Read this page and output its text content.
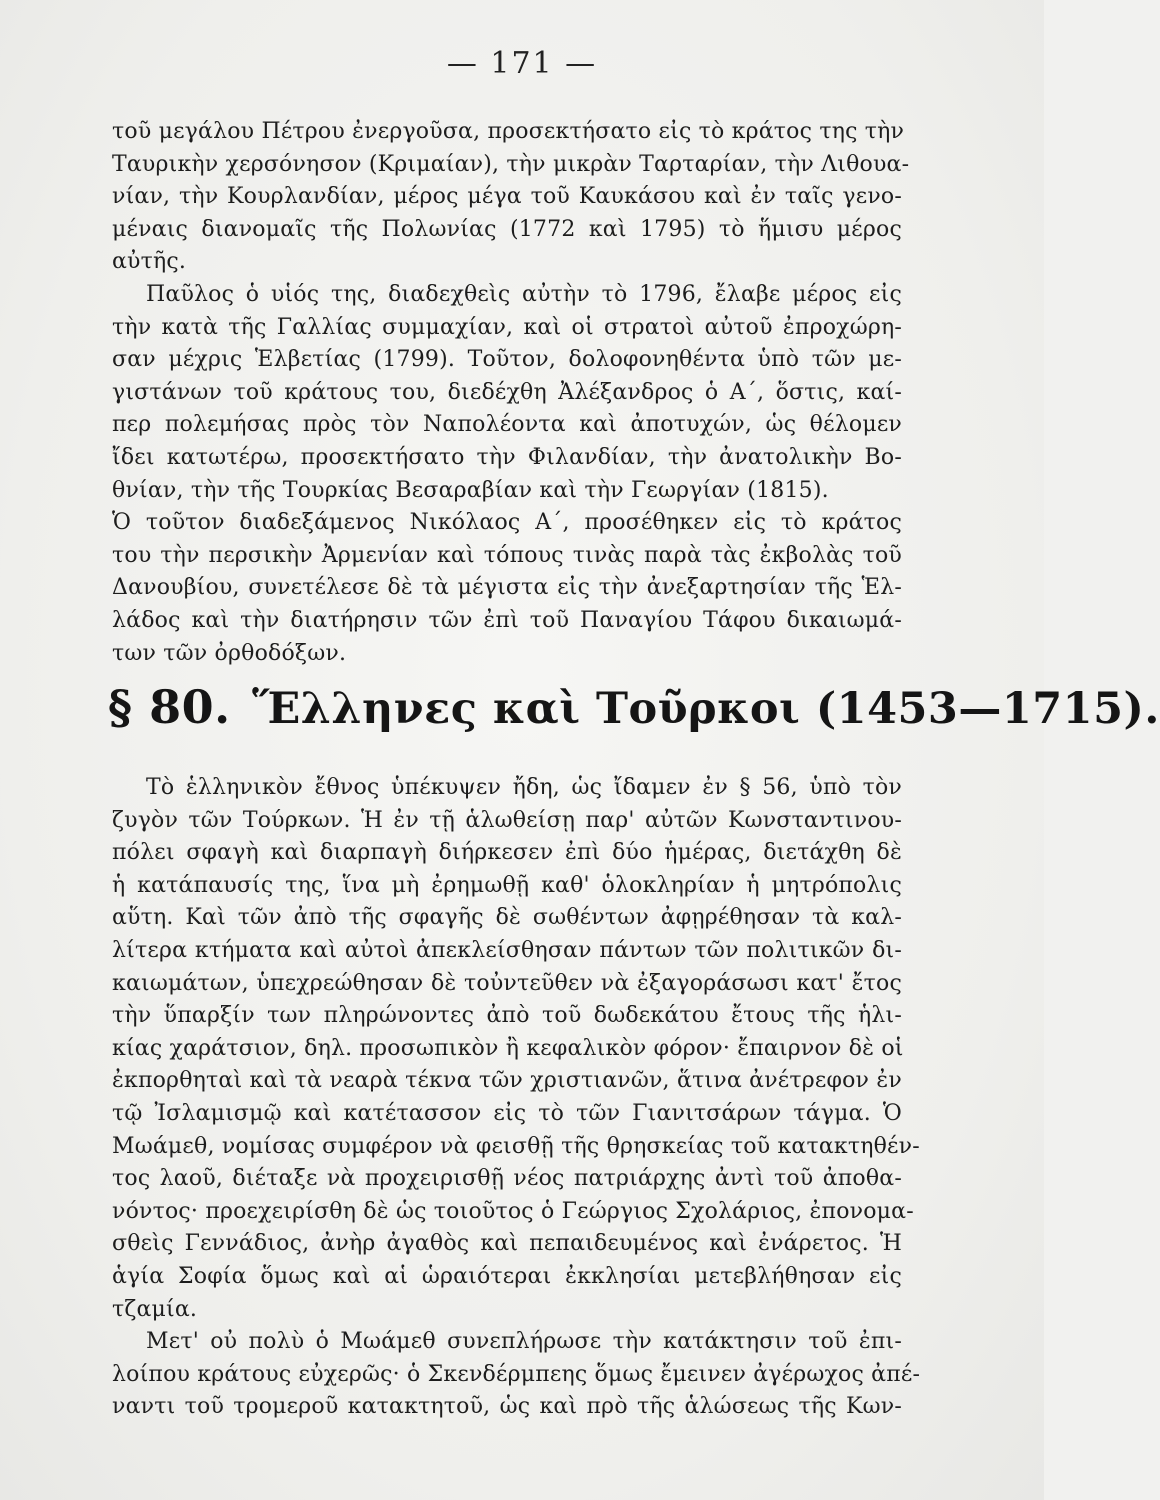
— 171 —
τοῦ μεγάλου Πέτρου ἐνεργοῦσα, προσεκτήσατο εἰς τὸ κράτος της τὴν
Ταυρικὴν χερσόνησον (Κριμαίαν), τὴν μικρὰν Ταρταρίαν, τὴν Λιθουα-
νίαν, τὴν Κουρλανδίαν, μέρος μέγα τοῦ Καυκάσου καὶ ἐν ταῖς γενο-
μέναις διανομαῖς τῆς Πολωνίας (1772 καὶ 1795) τὸ ἥμισυ μέρος
αὐτῆς.
Παῦλος ὁ υἱός της, διαδεχθεὶς αὐτὴν τὸ 1796, ἔλαβε μέρος εἰς
τὴν κατὰ τῆς Γαλλίας συμμαχίαν, καὶ οἱ στρατοὶ αὐτοῦ ἐπροχώρη-
σαν μέχρις Ἑλβετίας (1799). Τοῦτον, δολοφονηθέντα ὑπὸ τῶν με-
γιστάνων τοῦ κράτους του, διεδέχθη Ἀλέξανδρος ὁ Α΄, ὅστις, καί-
περ πολεμήσας πρὸς τὸν Ναπολέοντα καὶ ἀποτυχών, ὡς θέλομεν
ἴδει κατωτέρω, προσεκτήσατο τὴν Φιλανδίαν, τὴν ἀνατολικὴν Βο-
θνίαν, τὴν τῆς Τουρκίας Βεσαραβίαν καὶ τὴν Γεωργίαν (1815).
Ὁ τοῦτον διαδεξάμενος Νικόλαος Α΄, προσέθηκεν εἰς τὸ κράτος
του τὴν περσικὴν Ἀρμενίαν καὶ τόπους τινὰς παρὰ τὰς ἐκβολὰς τοῦ
Δανουβίου, συνετέλεσε δὲ τὰ μέγιστα εἰς τὴν ἀνεξαρτησίαν τῆς Ἑλ-
λάδος καὶ τὴν διατήρησιν τῶν ἐπὶ τοῦ Παναγίου Τάφου δικαιωμά-
των τῶν ὀρθοδόξων.
§ 80. Ἕλληνες καὶ Τοῦρκοι (1453—1715).
Τὸ ἑλληνικὸν ἔθνος ὑπέκυψεν ἤδη, ὡς ἴδαμεν ἐν § 56, ὑπὸ τὸν
ζυγὸν τῶν Τούρκων. Ἡ ἐν τῇ ἁλωθείσῃ παρ' αὐτῶν Κωνσταντινου-
πόλει σφαγὴ καὶ διαρπαγὴ διήρκεσεν ἐπὶ δύο ἡμέρας, διετάχθη δὲ
ἡ κατάπαυσίς της, ἵνα μὴ ἐρημωθῇ καθ' ὁλοκληρίαν ἡ μητρόπολις
αὕτη. Καὶ τῶν ἀπὸ τῆς σφαγῆς δὲ σωθέντων ἀφῃρέθησαν τὰ καλ-
λίτερα κτήματα καὶ αὐτοὶ ἀπεκλείσθησαν πάντων τῶν πολιτικῶν δι-
καιωμάτων, ὑπεχρεώθησαν δὲ τοὐντεῦθεν νὰ ἐξαγοράσωσι κατ' ἔτος
τὴν ὕπαρξίν των πληρώνοντες ἀπὸ τοῦ δωδεκάτου ἔτους τῆς ἡλι-
κίας χαράτσιον, δηλ. προσωπικὸν ἢ κεφαλικὸν φόρον· ἔπαιρνον δὲ οἱ
ἐκπορθηταὶ καὶ τὰ νεαρὰ τέκνα τῶν χριστιανῶν, ἅτινα ἀνέτρεφον ἐν
τῷ Ἰσλαμισμῷ καὶ κατέτασσον εἰς τὸ τῶν Γιανιτσάρων τάγμα. Ὁ
Μωάμεθ, νομίσας συμφέρον νὰ φεισθῇ τῆς θρησκείας τοῦ κατακτηθέν-
τος λαοῦ, διέταξε νὰ προχειρισθῇ νέος πατριάρχης ἀντὶ τοῦ ἀποθα-
νόντος· προεχειρίσθη δὲ ὡς τοιοῦτος ὁ Γεώργιος Σχολάριος, ἐπονομα-
σθεὶς Γεννάδιος, ἀνὴρ ἀγαθὸς καὶ πεπαιδευμένος καὶ ἐνάρετος. Ἡ
ἁγία Σοφία ὅμως καὶ αἱ ὡραιότεραι ἐκκλησίαι μετεβλήθησαν εἰς
τζαμία.
Μετ' οὐ πολὺ ὁ Μωάμεθ συνεπλήρωσε τὴν κατάκτησιν τοῦ ἐπι-
λοίπου κράτους εὐχερῶς· ὁ Σκενδέρμπεης ὅμως ἔμεινεν ἀγέρωχος ἀπέ-
ναντι τοῦ τρομεροῦ κατακτητοῦ, ὡς καὶ πρὸ τῆς ἁλώσεως τῆς Κων-
